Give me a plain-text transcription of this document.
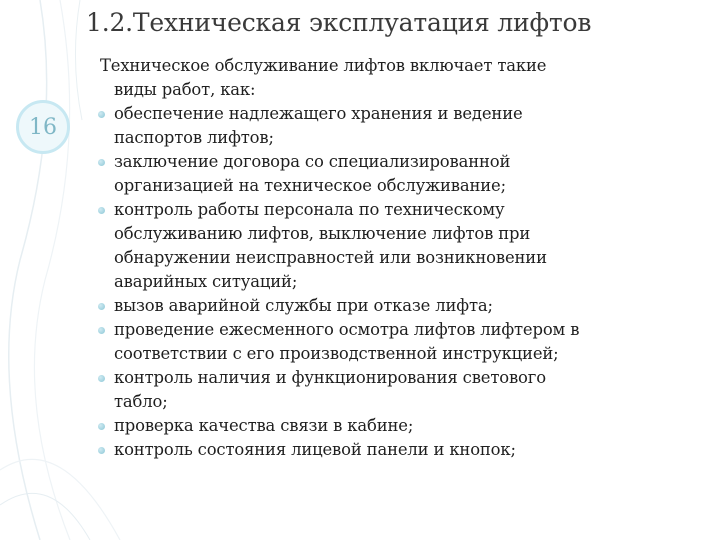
16
1.2.Техническая эксплуатация лифтов

Техническое обслуживание лифтов включает такие
виды работ, как:

обеспечение надлежащего хранения и ведение
паспортов лифтов;
заключение договора со специализированной
организацией на техническое обслуживание;
контроль работы персонала по техническому
обслуживанию лифтов, выключение лифтов при
обнаружении неисправностей или возникновении
аварийных ситуаций;
вызов аварийной службы при отказе лифта;
проведение ежесменного осмотра лифтов лифтером в
соответствии с его производственной инструкцией;
контроль наличия и функционирования светового
табло;
проверка качества связи в кабине;
контроль состояния лицевой панели и кнопок;
